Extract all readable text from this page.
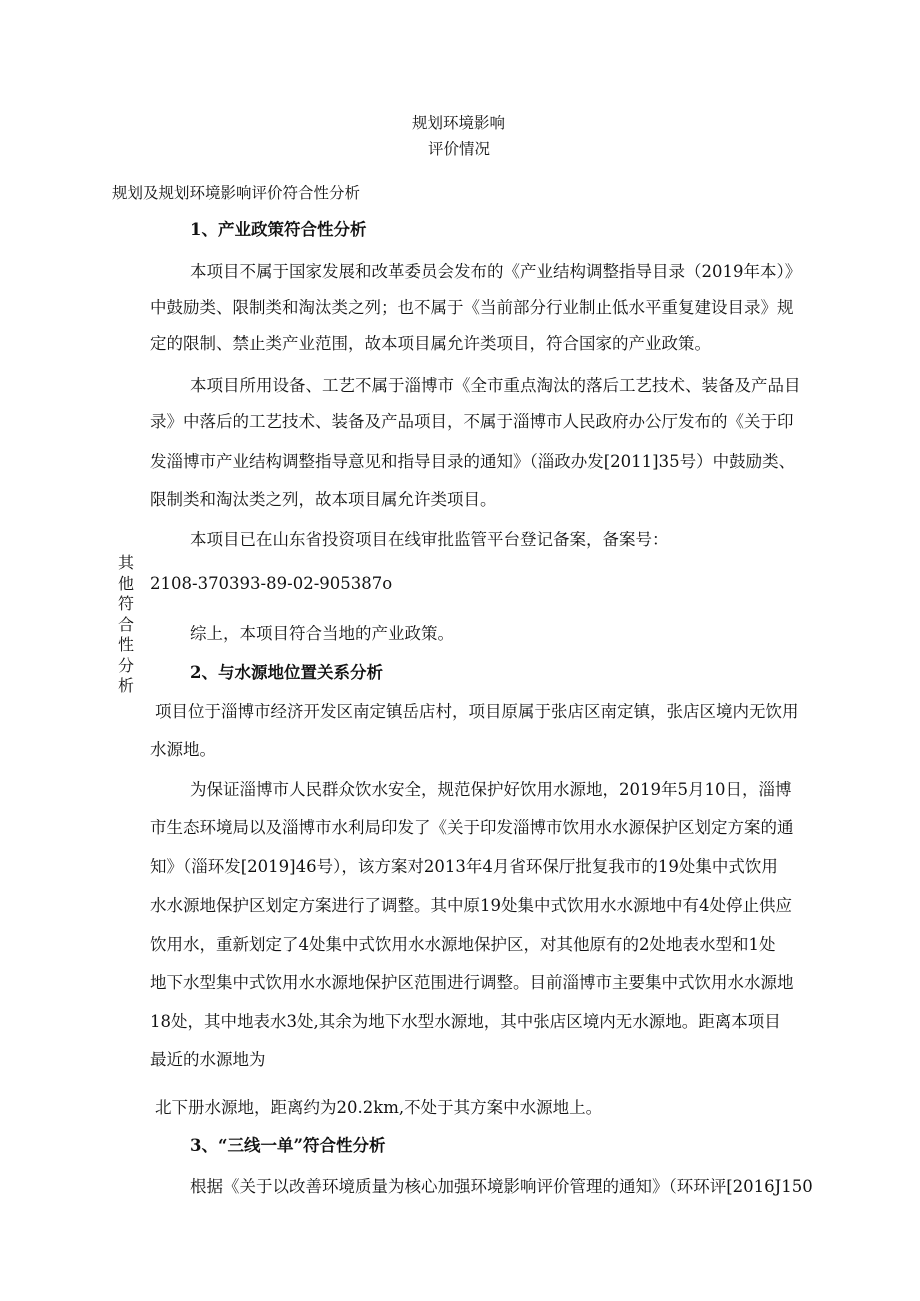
规划环境影响
评价情况
规划及规划环境影响评价符合性分析
其
他
符
合
性
分
析
1、产业政策符合性分析
本项目不属于国家发展和改革委员会发布的《产业结构调整指导目录（2019年本）》
中鼓励类、限制类和淘汰类之列；也不属于《当前部分行业制止低水平重复建设目录》规
定的限制、禁止类产业范围，故本项目属允许类项目，符合国家的产业政策。
本项目所用设备、工艺不属于淄博市《全市重点淘汰的落后工艺技术、装备及产品目
录》中落后的工艺技术、装备及产品项目，不属于淄博市人民政府办公厅发布的《关于印
发淄博市产业结构调整指导意见和指导目录的通知》（淄政办发[2011]35号）中鼓励类、
限制类和淘汰类之列，故本项目属允许类项目。
本项目已在山东省投资项目在线审批监管平台登记备案，备案号：
2108-370393-89-02-905387o
综上，本项目符合当地的产业政策。
2、与水源地位置关系分析
项目位于淄博市经济开发区南定镇岳店村，项目原属于张店区南定镇，张店区境内无饮用
水源地。
为保证淄博市人民群众饮水安全，规范保护好饮用水源地，2019年5月10日，淄博
市生态环境局以及淄博市水利局印发了《关于印发淄博市饮用水水源保护区划定方案的通
知》（淄环发[2019]46号），该方案对2013年4月省环保厅批复我市的19处集中式饮用
水水源地保护区划定方案进行了调整。其中原19处集中式饮用水水源地中有4处停止供应
饮用水，重新划定了4处集中式饮用水水源地保护区，对其他原有的2处地表水型和1处
地下水型集中式饮用水水源地保护区范围进行调整。目前淄博市主要集中式饮用水水源地
18处，其中地表水3处,其余为地下水型水源地，其中张店区境内无水源地。距离本项目
最近的水源地为
北下册水源地，距离约为20.2km,不处于其方案中水源地上。
3、“三线一单”符合性分析
根据《关于以改善环境质量为核心加强环境影响评价管理的通知》（环环评[2016J150
